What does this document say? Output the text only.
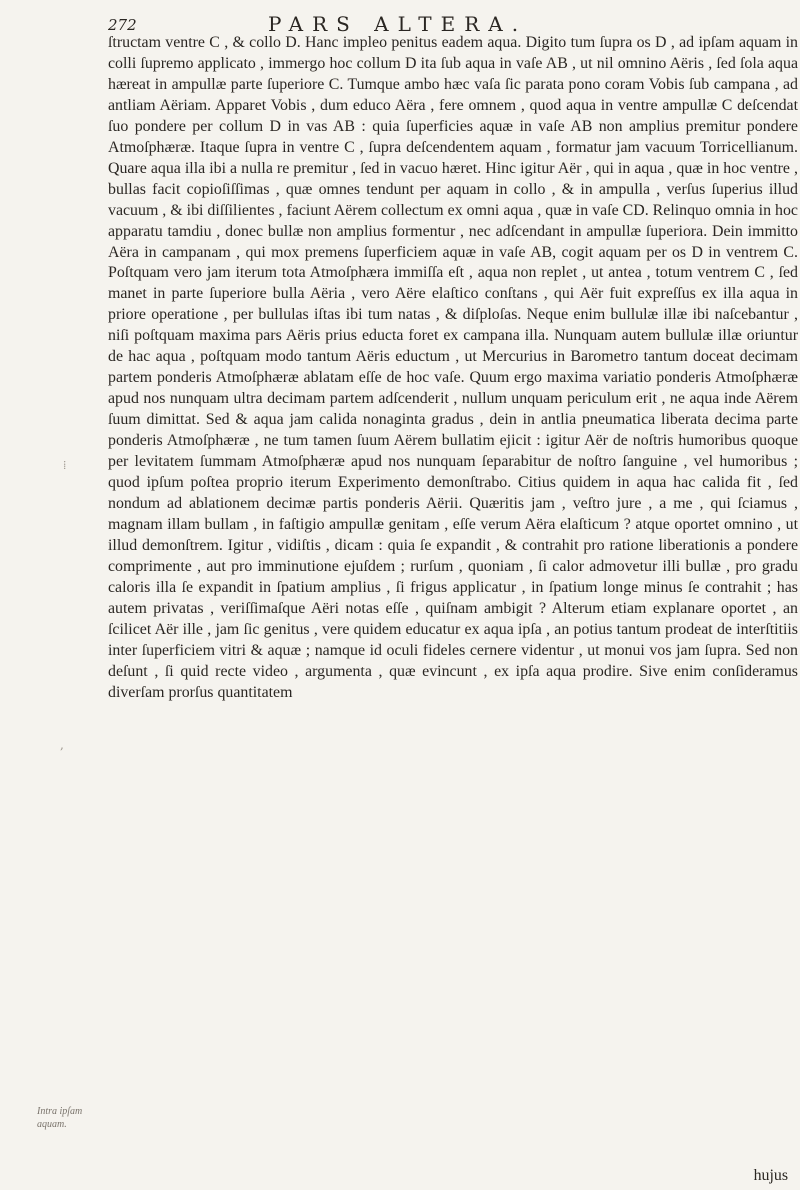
272	PARS ALTERA.

ſtructam ventre C , & collo D. Hanc impleo penitus eadem aqua. Digito tum ſupra os D , ad ipſam aquam in colli ſupremo applicato , immergo hoc collum D ita ſub aqua in vaſe AB , ut nil omnino Aëris , ſed ſola aqua hæreat in ampullæ parte ſuperiore C. Tumque ambo hæc vaſa ſic parata pono coram Vobis ſub campana , ad antliam Aëriam. Apparet Vobis , dum educo Aëra , fere omnem , quod aqua in ventre ampullæ C deſcendat ſuo pondere per collum D in vas AB : quia ſuperficies aquæ in vaſe AB non amplius premitur pondere Atmoſphæræ. Itaque ſupra in ventre C , ſupra deſcendentem aquam , formatur jam vacuum Torricellianum. Quare aqua illa ibi a nulla re premitur , ſed in vacuo hæret. Hinc igitur Aër , qui in aqua , quæ in hoc ventre , bullas facit copioſiſſimas , quæ omnes tendunt per aquam in collo , & in ampulla , verſus ſuperius illud vacuum , & ibi diſſilientes , faciunt Aërem collectum ex omni aqua , quæ in vaſe CD. Relinquo omnia in hoc apparatu tamdiu , donec bullæ non amplius formentur , nec adſcendant in ampullæ ſuperiora. Dein immitto Aëra in campanam , qui mox premens ſuperficiem aquæ in vaſe AB, cogit aquam per os D in ventrem C. Poſtquam vero jam iterum tota Atmoſphæra immiſſa eſt , aqua non replet , ut antea , totum ventrem C , ſed manet in parte ſuperiore bulla Aëria , vero Aëre elaſtico conſtans , qui Aër fuit expreſſus ex illa aqua in priore operatione , per bullulas iſtas ibi tum natas , & diſploſas. Neque enim bullulæ illæ ibi naſcebantur , niſi poſtquam maxima pars Aëris prius educta foret ex campana illa. Nunquam autem bullulæ illæ oriuntur de hac aqua , poſtquam modo tantum Aëris eductum , ut Mercurius in Barometro tantum doceat decimam partem ponderis Atmoſphæræ ablatam eſſe de hoc vaſe. Quum ergo maxima variatio ponderis Atmoſphæræ apud nos nunquam ultra decimam partem adſcenderit , nullum unquam periculum erit , ne aqua inde Aërem ſuum dimittat. Sed & aqua jam calida nonaginta gradus , dein in antlia pneumatica liberata decima parte ponderis Atmoſphæræ , ne tum tamen ſuum Aërem bullatim ejicit : igitur Aër de noſtris humoribus quoque per levitatem ſummam Atmoſphæræ apud nos nunquam ſeparabitur de noſtro ſanguine , vel humoribus ; quod ipſum poſtea proprio iterum Experimento demonſtrabo. Citius quidem in aqua hac calida fit , ſed nondum ad ablationem decimæ partis ponderis Aërii. Quæritis jam , veſtro jure , a me , qui ſciamus , magnam illam bullam , in faſtigio ampullæ genitam , eſſe verum Aëra elaſticum ? atque oportet omnino , ut illud demonſtrem. Igitur , vidiſtis , dicam : quia ſe expandit , & contrahit pro ratione liberationis a pondere comprimente , aut pro imminutione ejuſdem ; rurſum , quoniam , ſi calor admovetur illi bullæ , pro gradu caloris illa ſe expandit in ſpatium amplius , ſi frigus applicatur , in ſpatium longe minus ſe contrahit ; has autem privatas , veriſſimaſque Aëri notas eſſe , quiſnam ambigit ? Alterum etiam explanare oportet , an ſcilicet Aër ille , jam ſic genitus , vere quidem educatur ex aqua ipſa , an potius tantum prodeat de interſtitiis inter ſuperficiem vitri & aquæ ; namque id oculi fideles cernere videntur , ut monui vos jam ſupra. Sed non deſunt , ſi quid recte video , argumenta , quæ evincunt , ex ipſa aqua prodire. Sive enim conſideramus diverſam prorſus quantitatem

⁞
,
Intra ipſam aquam.
hujus
